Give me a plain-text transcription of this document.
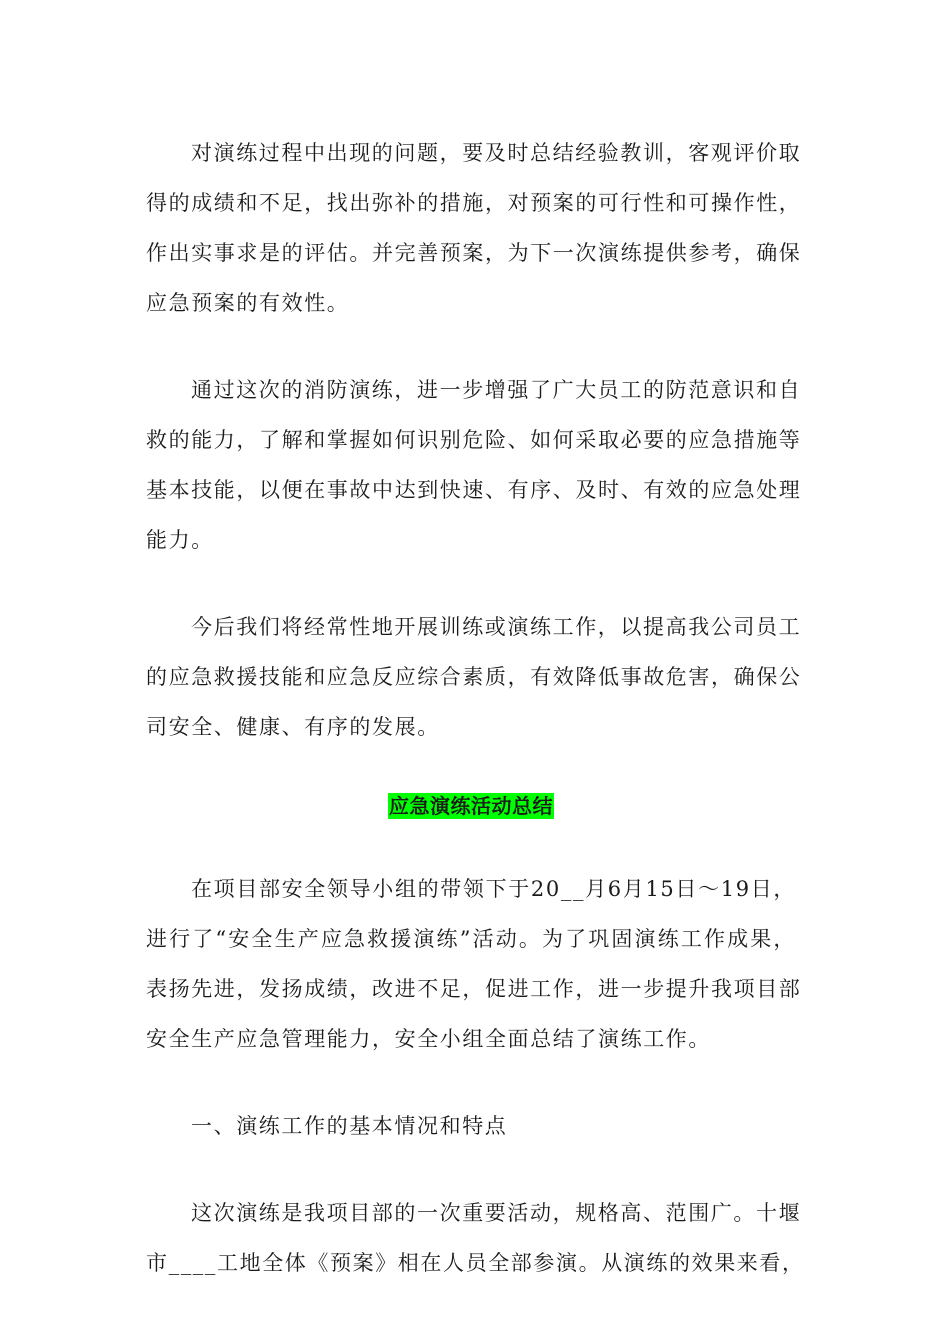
对演练过程中出现的问题，要及时总结经验教训，客观评价取
得的成绩和不足，找出弥补的措施，对预案的可行性和可操作性，
作出实事求是的评估。并完善预案，为下一次演练提供参考，确保
应急预案的有效性。

通过这次的消防演练，进一步增强了广大员工的防范意识和自
救的能力，了解和掌握如何识别危险、如何采取必要的应急措施等
基本技能，以便在事故中达到快速、有序、及时、有效的应急处理
能力。

今后我们将经常性地开展训练或演练工作，以提高我公司员工
的应急救援技能和应急反应综合素质，有效降低事故危害，确保公
司安全、健康、有序的发展。

应急演练活动总结

在项目部安全领导小组的带领下于20__月6月15日～19日，
进行了“安全生产应急救援演练”活动。为了巩固演练工作成果，
表扬先进，发扬成绩，改进不足，促进工作，进一步提升我项目部
安全生产应急管理能力，安全小组全面总结了演练工作。

一、演练工作的基本情况和特点

这次演练是我项目部的一次重要活动，规格高、范围广。十堰
市____工地全体《预案》相在人员全部参演。从演练的效果来看，
